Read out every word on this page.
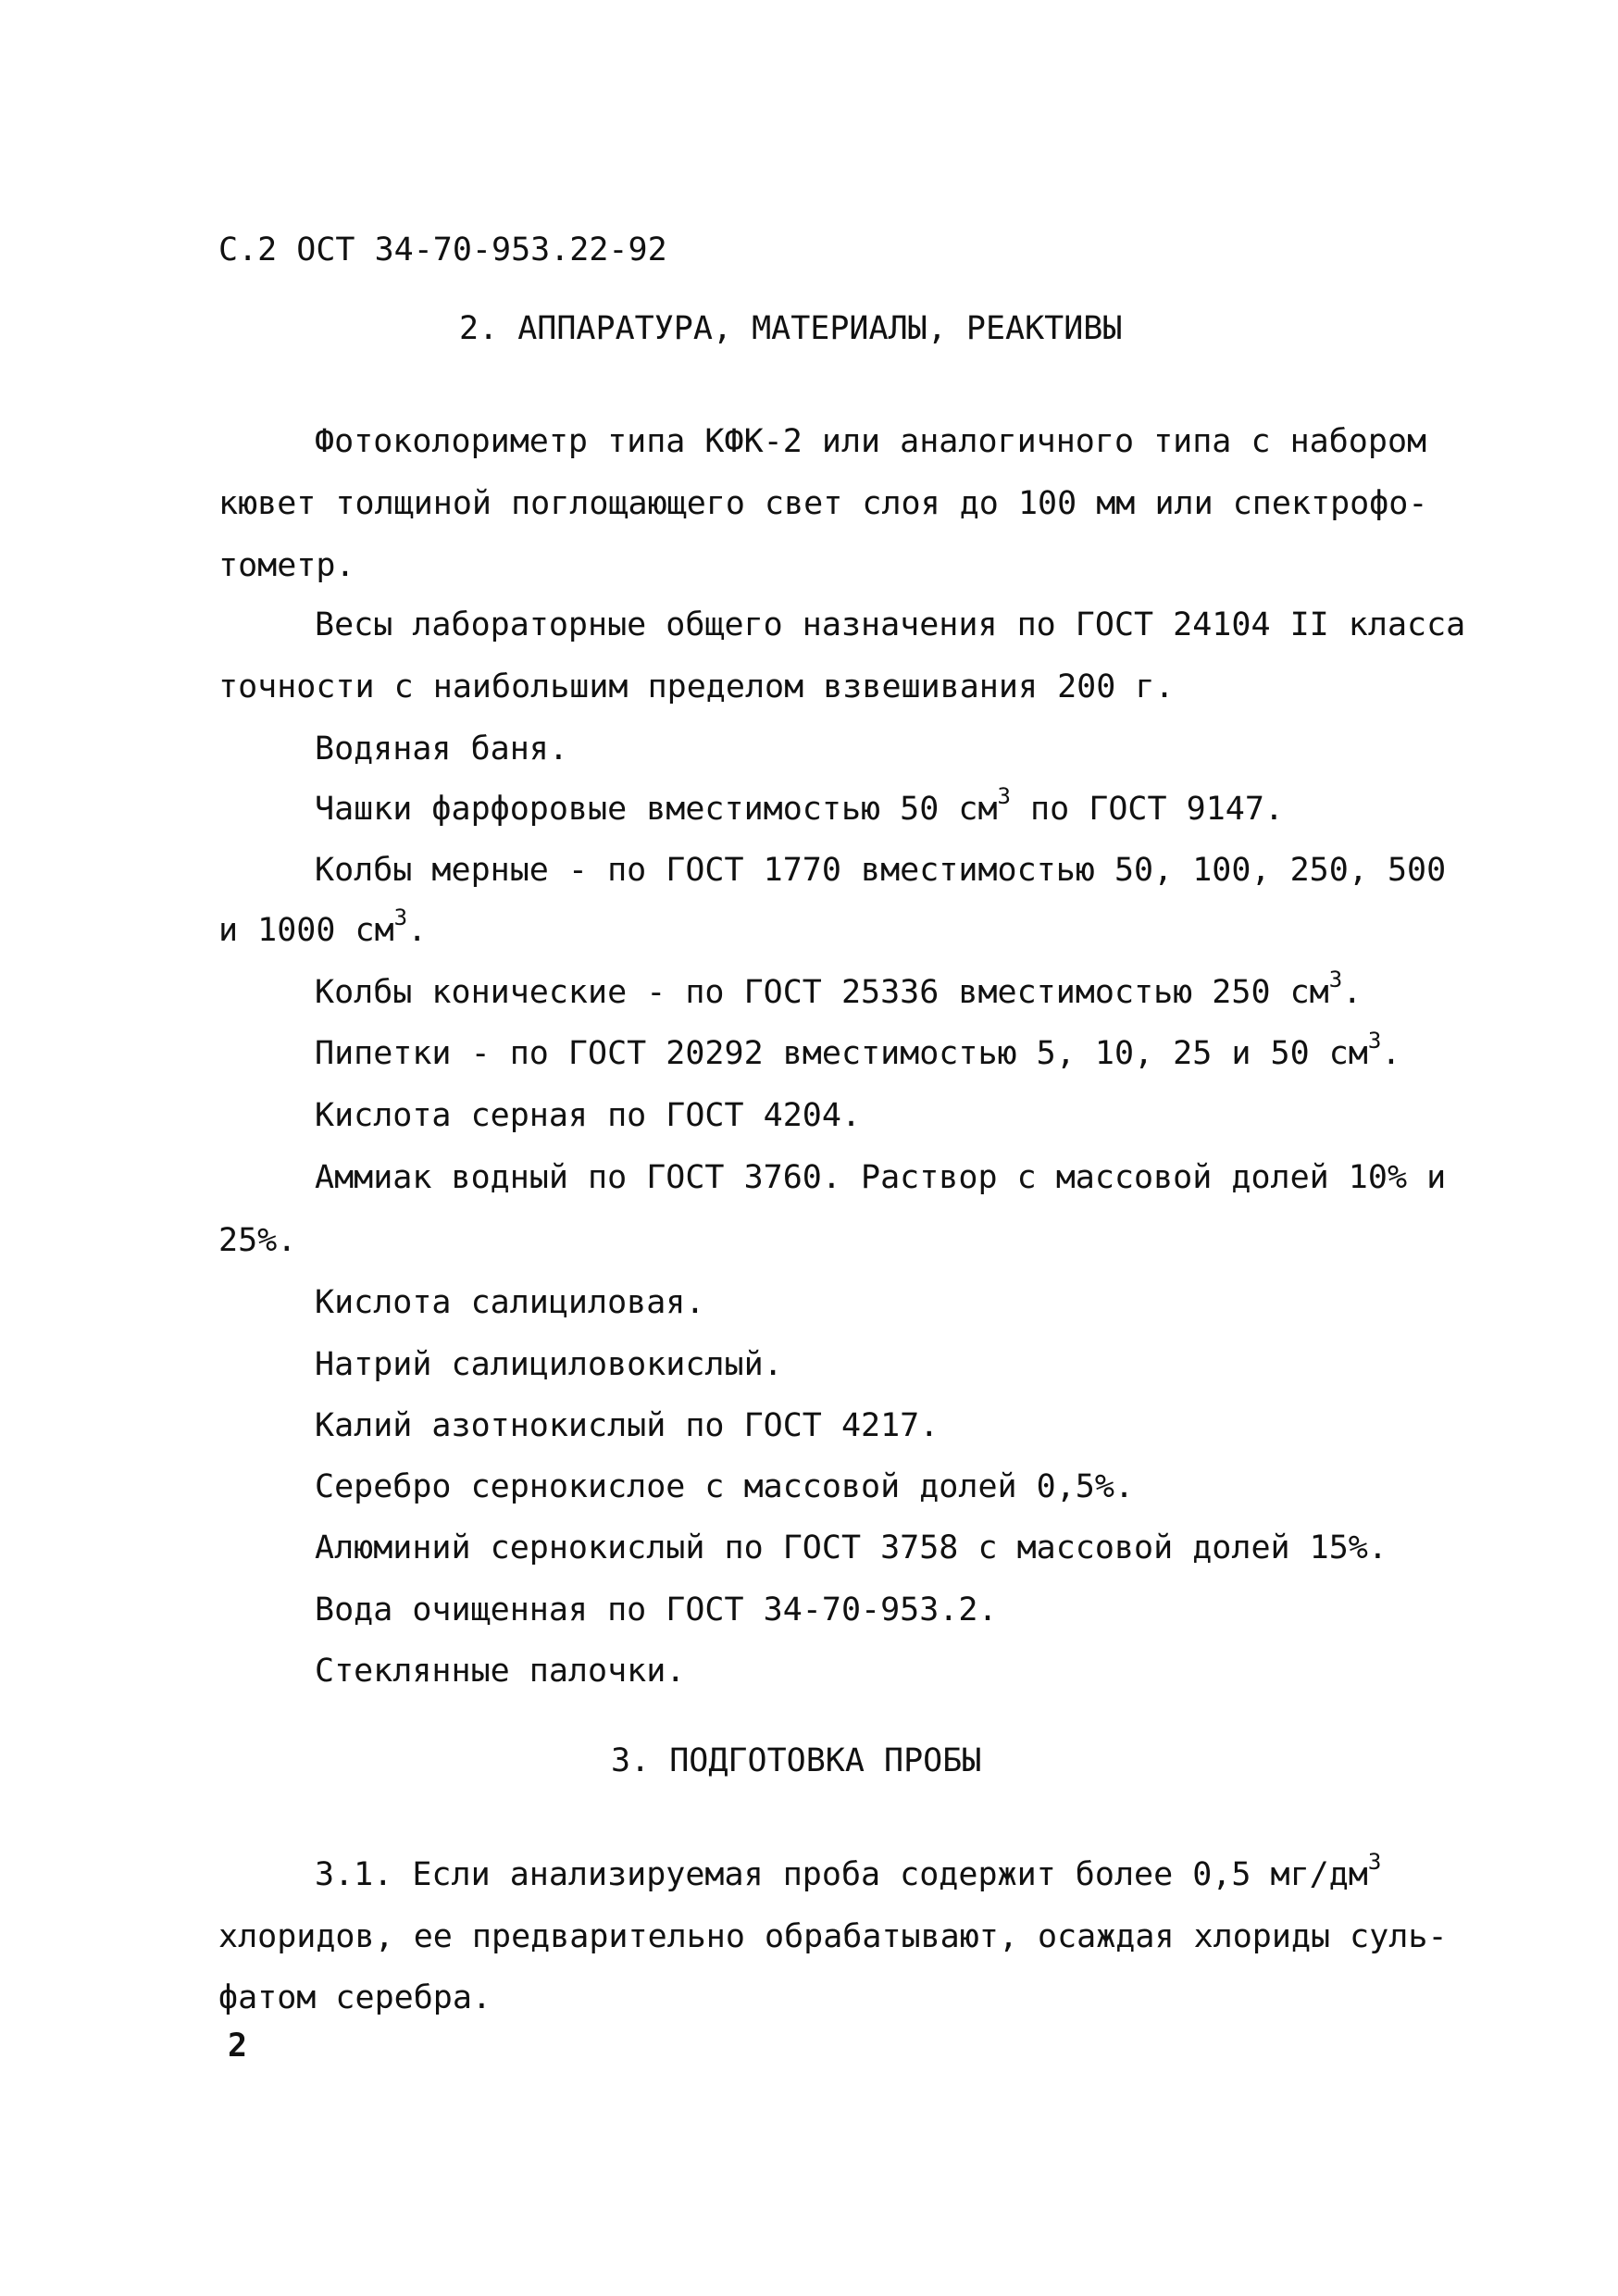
С.2 ОСТ 34-70-953.22-92
2. АППАРАТУРА, МАТЕРИАЛЫ, РЕАКТИВЫ
Фотоколориметр типа КФК-2 или аналогичного типа с набором
кювет толщиной поглощающего свет слоя до 100 мм или спектрофо-
тометр.
Весы лабораторные общего назначения по ГОСТ 24104 II класса
точности с наибольшим пределом взвешивания 200 г.
Водяная баня.
Чашки фарфоровые вместимостью 50 $см^3$ по ГОСТ 9147.
Колбы мерные - по ГОСТ 1770 вместимостью 50, 100, 250, 500
и 1000 $см^3$.
Колбы конические - по ГОСТ 25336 вместимостью 250 $см^3$.
Пипетки - по ГОСТ 20292 вместимостью 5, 10, 25 и 50 $см^3$.
Кислота серная по ГОСТ 4204.
Аммиак водный по ГОСТ 3760. Раствор с массовой долей 10% и
25%.
Кислота салициловая.
Натрий салициловокислый.
Калий азотнокислый по ГОСТ 4217.
Серебро сернокислое с массовой долей 0,5%.
Алюминий сернокислый по ГОСТ 3758 с массовой долей 15%.
Вода очищенная по ГОСТ 34-70-953.2.
Стеклянные палочки.
3. ПОДГОТОВКА ПРОБЫ
3.1. Если анализируемая проба содержит более 0,5 $мг/дм^3$
хлоридов, ее предварительно обрабатывают, осаждая хлориды суль-
фатом серебра.
2
